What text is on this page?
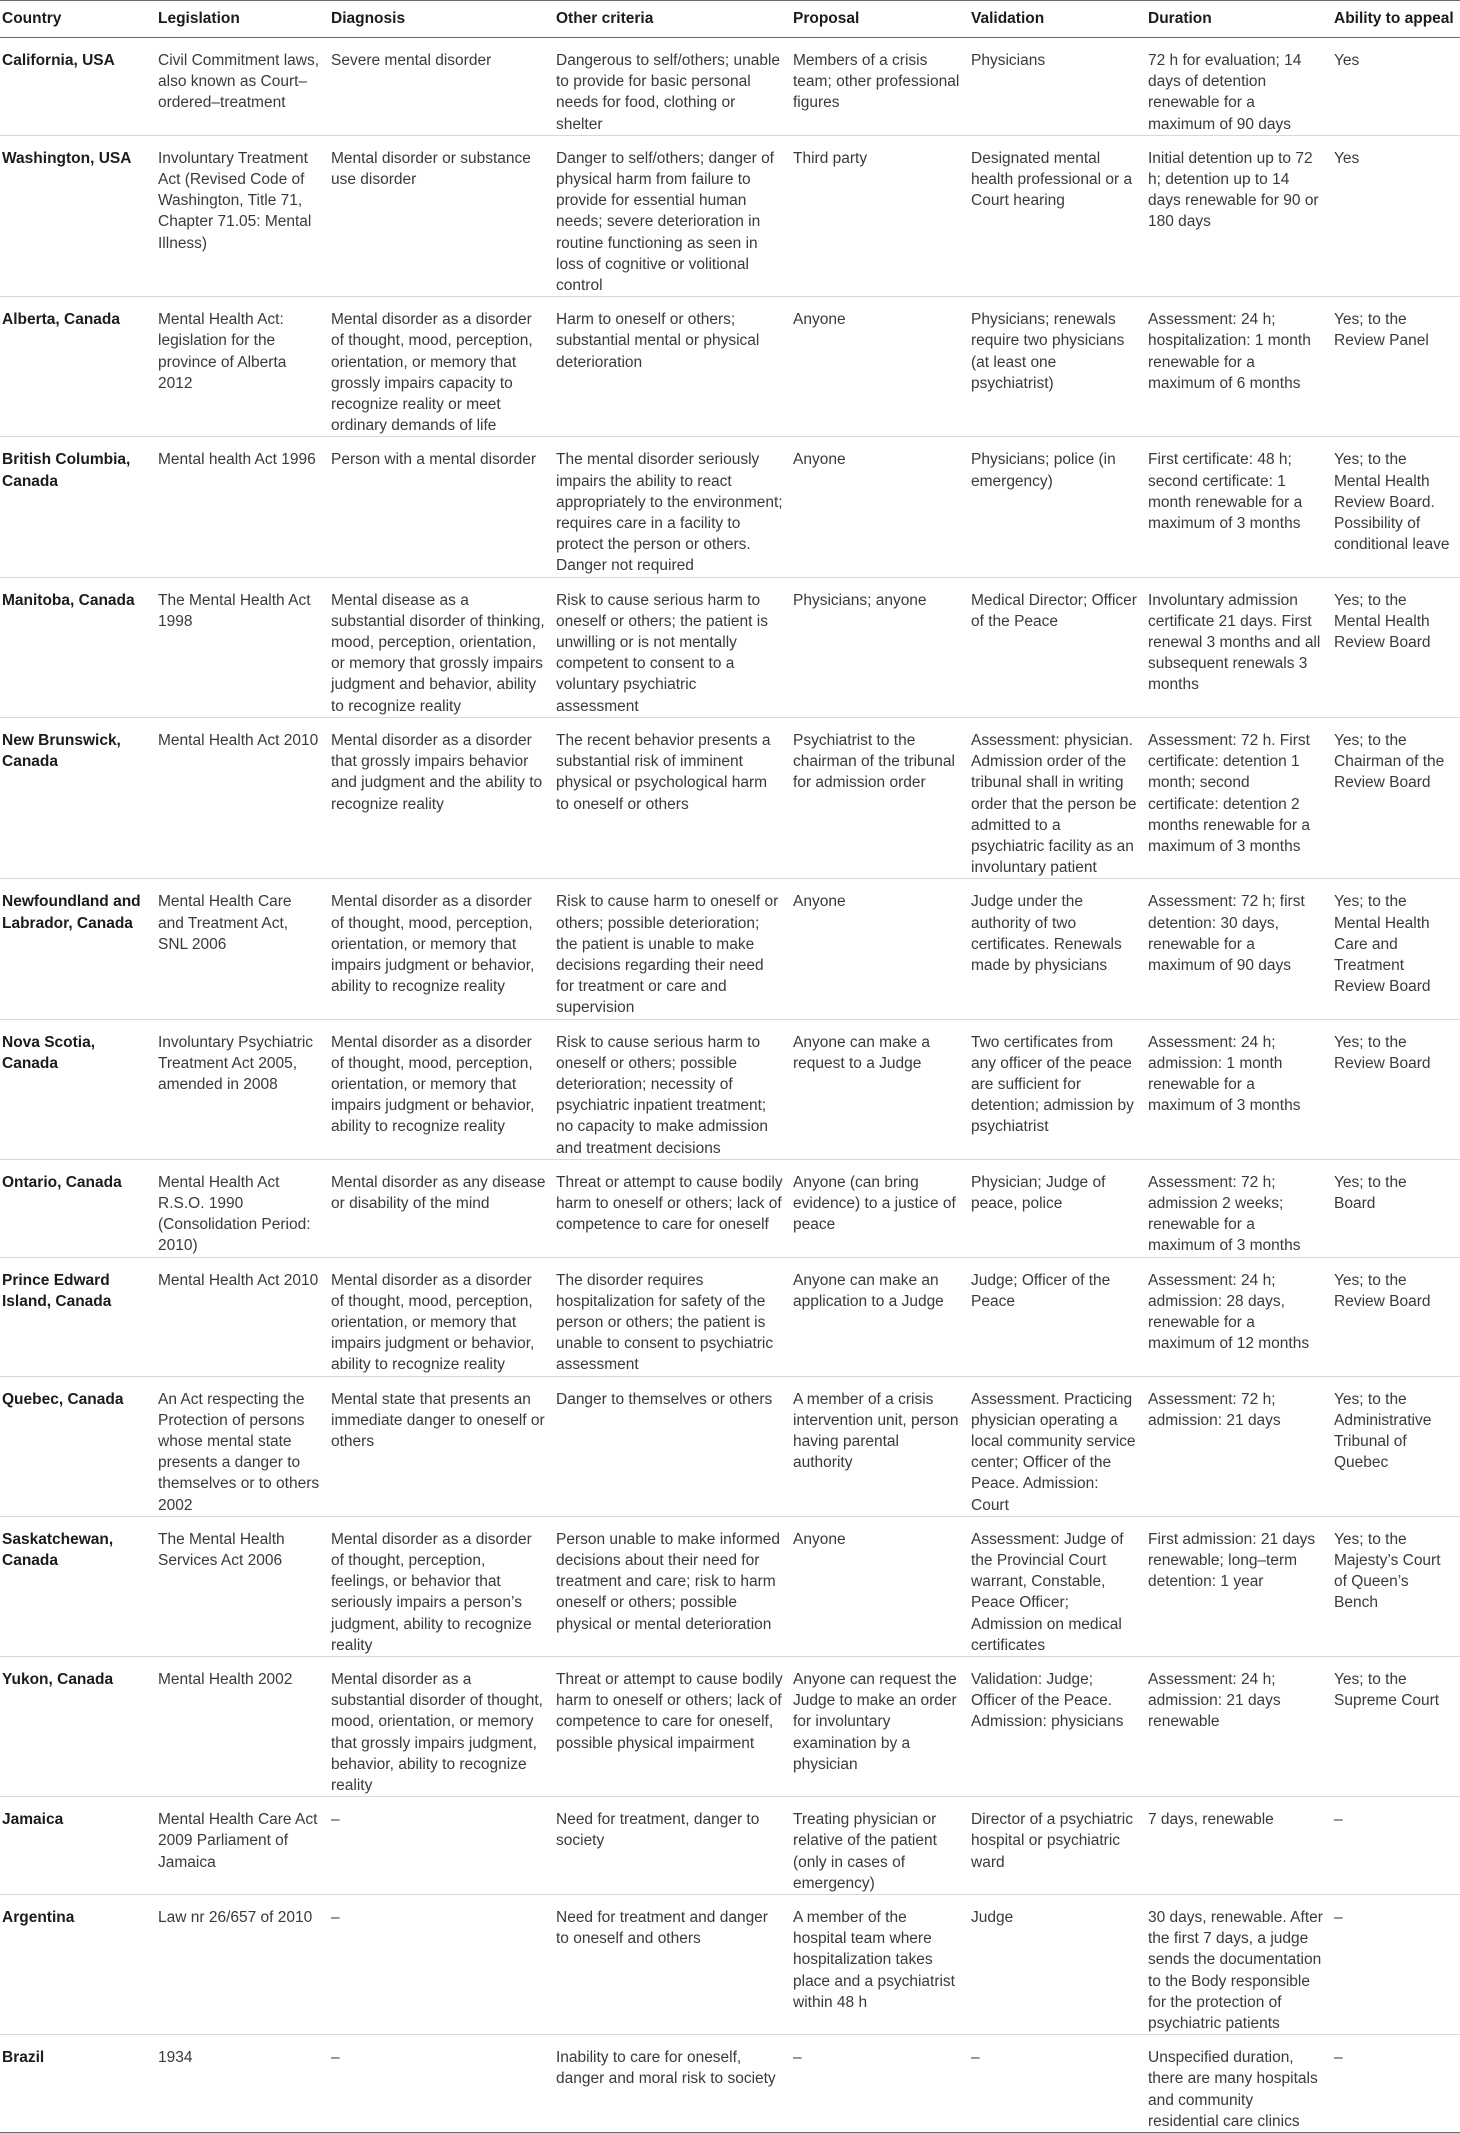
Country	Legislation	Diagnosis	Other criteria	Proposal	Validation	Duration	Ability to appeal
California, USA	Civil Commitment laws, also known as Court–ordered–treatment	Severe mental disorder	Dangerous to self/others; unable to provide for basic personal needs for food, clothing or shelter	Members of a crisis team; other professional figures	Physicians	72 h for evaluation; 14 days of detention renewable for a maximum of 90 days	Yes
Washington, USA	Involuntary Treatment Act (Revised Code of Washington, Title 71, Chapter 71.05: Mental Illness)	Mental disorder or substance use disorder	Danger to self/others; danger of physical harm from failure to provide for essential human needs; severe deterioration in routine functioning as seen in loss of cognitive or volitional control	Third party	Designated mental health professional or a Court hearing	Initial detention up to 72 h; detention up to 14 days renewable for 90 or 180 days	Yes
Alberta, Canada	Mental Health Act: legislation for the province of Alberta 2012	Mental disorder as a disorder of thought, mood, perception, orientation, or memory that grossly impairs capacity to recognize reality or meet ordinary demands of life	Harm to oneself or others; substantial mental or physical deterioration	Anyone	Physicians; renewals require two physicians (at least one psychiatrist)	Assessment: 24 h; hospitalization: 1 month renewable for a maximum of 6 months	Yes; to the Review Panel
British Columbia, Canada	Mental health Act 1996	Person with a mental disorder	The mental disorder seriously impairs the ability to react appropriately to the environment; requires care in a facility to protect the person or others. Danger not required	Anyone	Physicians; police (in emergency)	First certificate: 48 h; second certificate: 1 month renewable for a maximum of 3 months	Yes; to the Mental Health Review Board. Possibility of conditional leave
Manitoba, Canada	The Mental Health Act 1998	Mental disease as a substantial disorder of thinking, mood, perception, orientation, or memory that grossly impairs judgment and behavior, ability to recognize reality	Risk to cause serious harm to oneself or others; the patient is unwilling or is not mentally competent to consent to a voluntary psychiatric assessment	Physicians; anyone	Medical Director; Officer of the Peace	Involuntary admission certificate 21 days. First renewal 3 months and all subsequent renewals 3 months	Yes; to the Mental Health Review Board
New Brunswick, Canada	Mental Health Act 2010	Mental disorder as a disorder that grossly impairs behavior and judgment and the ability to recognize reality	The recent behavior presents a substantial risk of imminent physical or psychological harm to oneself or others	Psychiatrist to the chairman of the tribunal for admission order	Assessment: physician. Admission order of the tribunal shall in writing order that the person be admitted to a psychiatric facility as an involuntary patient	Assessment: 72 h. First certificate: detention 1 month; second certificate: detention 2 months renewable for a maximum of 3 months	Yes; to the Chairman of the Review Board
Newfoundland and Labrador, Canada	Mental Health Care and Treatment Act, SNL 2006	Mental disorder as a disorder of thought, mood, perception, orientation, or memory that impairs judgment or behavior, ability to recognize reality	Risk to cause harm to oneself or others; possible deterioration; the patient is unable to make decisions regarding their need for treatment or care and supervision	Anyone	Judge under the authority of two certificates. Renewals made by physicians	Assessment: 72 h; first detention: 30 days, renewable for a maximum of 90 days	Yes; to the Mental Health Care and Treatment Review Board
Nova Scotia, Canada	Involuntary Psychiatric Treatment Act 2005, amended in 2008	Mental disorder as a disorder of thought, mood, perception, orientation, or memory that impairs judgment or behavior, ability to recognize reality	Risk to cause serious harm to oneself or others; possible deterioration; necessity of psychiatric inpatient treatment; no capacity to make admission and treatment decisions	Anyone can make a request to a Judge	Two certificates from any officer of the peace are sufficient for detention; admission by psychiatrist	Assessment: 24 h; admission: 1 month renewable for a maximum of 3 months	Yes; to the Review Board
Ontario, Canada	Mental Health Act R.S.O. 1990 (Consolidation Period: 2010)	Mental disorder as any disease or disability of the mind	Threat or attempt to cause bodily harm to oneself or others; lack of competence to care for oneself	Anyone (can bring evidence) to a justice of peace	Physician; Judge of peace, police	Assessment: 72 h; admission 2 weeks; renewable for a maximum of 3 months	Yes; to the Board
Prince Edward Island, Canada	Mental Health Act 2010	Mental disorder as a disorder of thought, mood, perception, orientation, or memory that impairs judgment or behavior, ability to recognize reality	The disorder requires hospitalization for safety of the person or others; the patient is unable to consent to psychiatric assessment	Anyone can make an application to a Judge	Judge; Officer of the Peace	Assessment: 24 h; admission: 28 days, renewable for a maximum of 12 months	Yes; to the Review Board
Quebec, Canada	An Act respecting the Protection of persons whose mental state presents a danger to themselves or to others 2002	Mental state that presents an immediate danger to oneself or others	Danger to themselves or others	A member of a crisis intervention unit, person having parental authority	Assessment. Practicing physician operating a local community service center; Officer of the Peace. Admission: Court	Assessment: 72 h; admission: 21 days	Yes; to the Administrative Tribunal of Quebec
Saskatchewan, Canada	The Mental Health Services Act 2006	Mental disorder as a disorder of thought, perception, feelings, or behavior that seriously impairs a person’s judgment, ability to recognize reality	Person unable to make informed decisions about their need for treatment and care; risk to harm oneself or others; possible physical or mental deterioration	Anyone	Assessment: Judge of the Provincial Court warrant, Constable, Peace Officer; Admission on medical certificates	First admission: 21 days renewable; long–term detention: 1 year	Yes; to the Majesty’s Court of Queen’s Bench
Yukon, Canada	Mental Health 2002	Mental disorder as a substantial disorder of thought, mood, orientation, or memory that grossly impairs judgment, behavior, ability to recognize reality	Threat or attempt to cause bodily harm to oneself or others; lack of competence to care for oneself, possible physical impairment	Anyone can request the Judge to make an order for involuntary examination by a physician	Validation: Judge; Officer of the Peace. Admission: physicians	Assessment: 24 h; admission: 21 days renewable	Yes; to the Supreme Court
Jamaica	Mental Health Care Act 2009 Parliament of Jamaica	–	Need for treatment, danger to society	Treating physician or relative of the patient (only in cases of emergency)	Director of a psychiatric hospital or psychiatric ward	7 days, renewable	–
Argentina	Law nr 26/657 of 2010	–	Need for treatment and danger to oneself and others	A member of the hospital team where hospitalization takes place and a psychiatrist within 48 h	Judge	30 days, renewable. After the first 7 days, a judge sends the documentation to the Body responsible for the protection of psychiatric patients	–
Brazil	1934	–	Inability to care for oneself, danger and moral risk to society	–	–	Unspecified duration, there are many hospitals and community residential care clinics	–
